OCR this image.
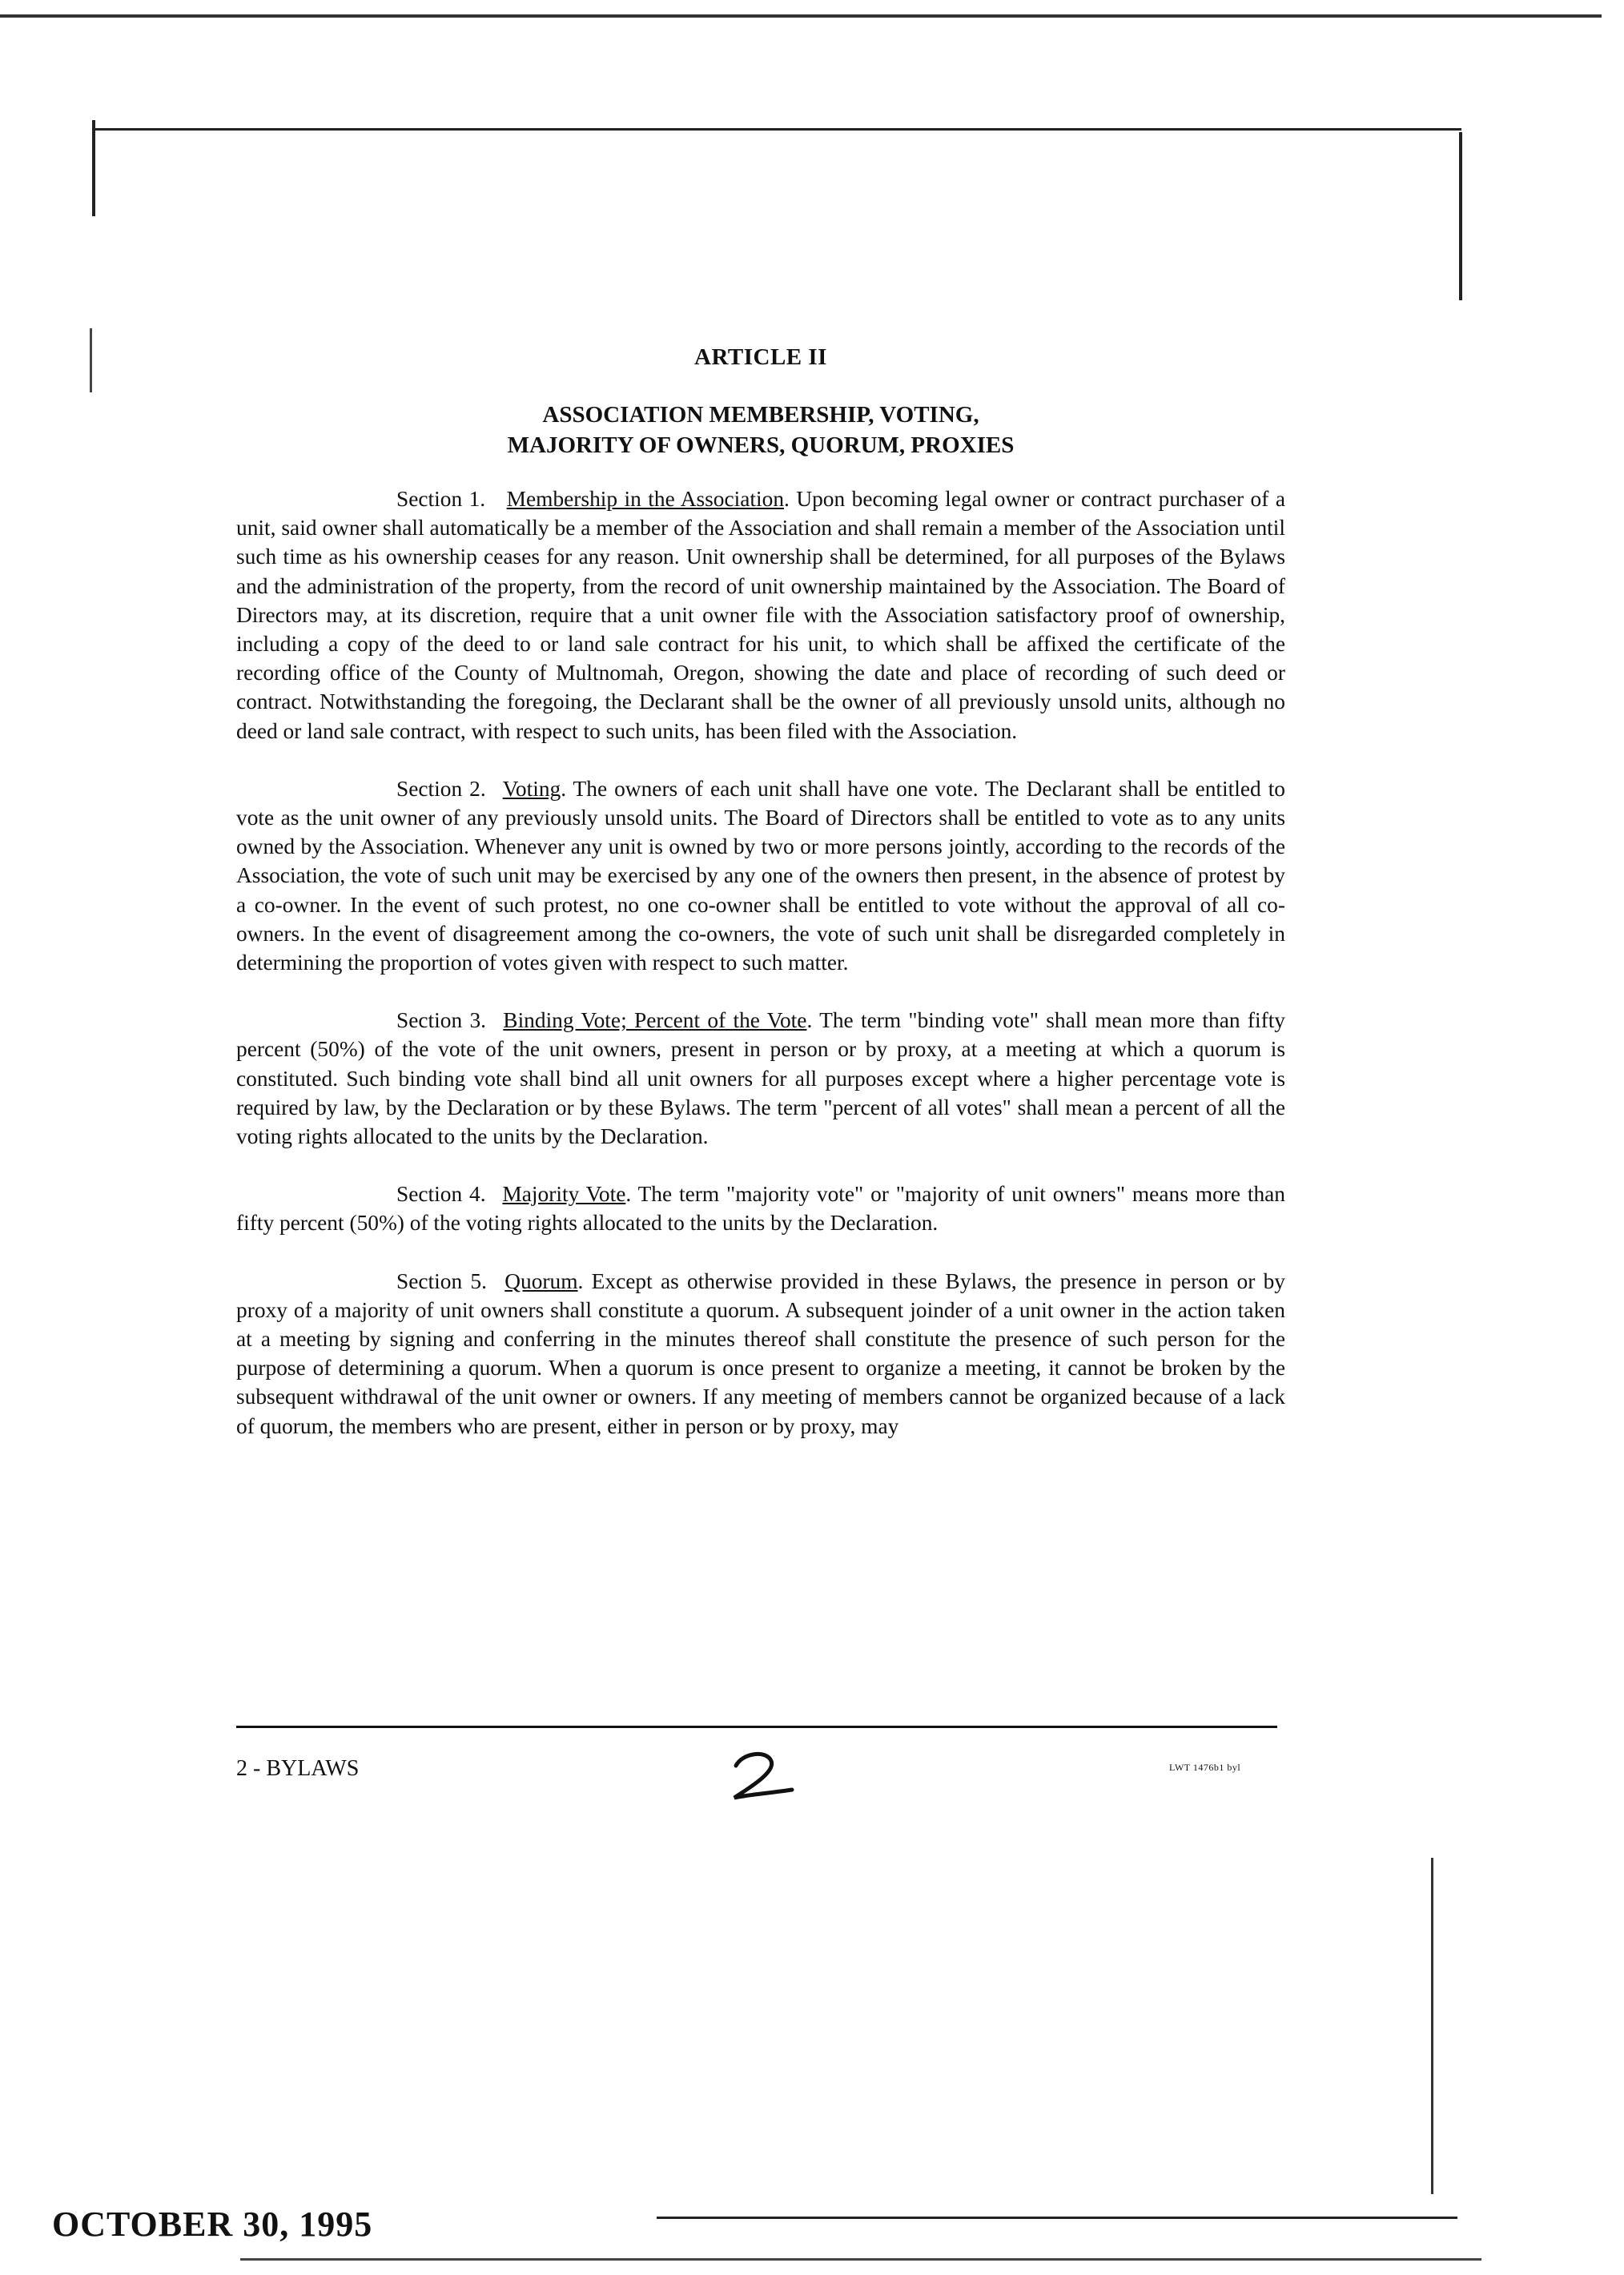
ARTICLE II
ASSOCIATION MEMBERSHIP, VOTING,
MAJORITY OF OWNERS, QUORUM, PROXIES
Section 1. Membership in the Association. Upon becoming legal owner or contract purchaser of a unit, said owner shall automatically be a member of the Association and shall remain a member of the Association until such time as his ownership ceases for any reason. Unit ownership shall be determined, for all purposes of the Bylaws and the administration of the property, from the record of unit ownership maintained by the Association. The Board of Directors may, at its discretion, require that a unit owner file with the Association satisfactory proof of ownership, including a copy of the deed to or land sale contract for his unit, to which shall be affixed the certificate of the recording office of the County of Multnomah, Oregon, showing the date and place of recording of such deed or contract. Notwithstanding the foregoing, the Declarant shall be the owner of all previously unsold units, although no deed or land sale contract, with respect to such units, has been filed with the Association.
Section 2. Voting. The owners of each unit shall have one vote. The Declarant shall be entitled to vote as the unit owner of any previously unsold units. The Board of Directors shall be entitled to vote as to any units owned by the Association. Whenever any unit is owned by two or more persons jointly, according to the records of the Association, the vote of such unit may be exercised by any one of the owners then present, in the absence of protest by a co-owner. In the event of such protest, no one co-owner shall be entitled to vote without the approval of all co-owners. In the event of disagreement among the co-owners, the vote of such unit shall be disregarded completely in determining the proportion of votes given with respect to such matter.
Section 3. Binding Vote; Percent of the Vote. The term "binding vote" shall mean more than fifty percent (50%) of the vote of the unit owners, present in person or by proxy, at a meeting at which a quorum is constituted. Such binding vote shall bind all unit owners for all purposes except where a higher percentage vote is required by law, by the Declaration or by these Bylaws. The term "percent of all votes" shall mean a percent of all the voting rights allocated to the units by the Declaration.
Section 4. Majority Vote. The term "majority vote" or "majority of unit owners" means more than fifty percent (50%) of the voting rights allocated to the units by the Declaration.
Section 5. Quorum. Except as otherwise provided in these Bylaws, the presence in person or by proxy of a majority of unit owners shall constitute a quorum. A subsequent joinder of a unit owner in the action taken at a meeting by signing and conferring in the minutes thereof shall constitute the presence of such person for the purpose of determining a quorum. When a quorum is once present to organize a meeting, it cannot be broken by the subsequent withdrawal of the unit owner or owners. If any meeting of members cannot be organized because of a lack of quorum, the members who are present, either in person or by proxy, may
2 - BYLAWS	LWT 1476b1 byl
OCTOBER 30, 1995
